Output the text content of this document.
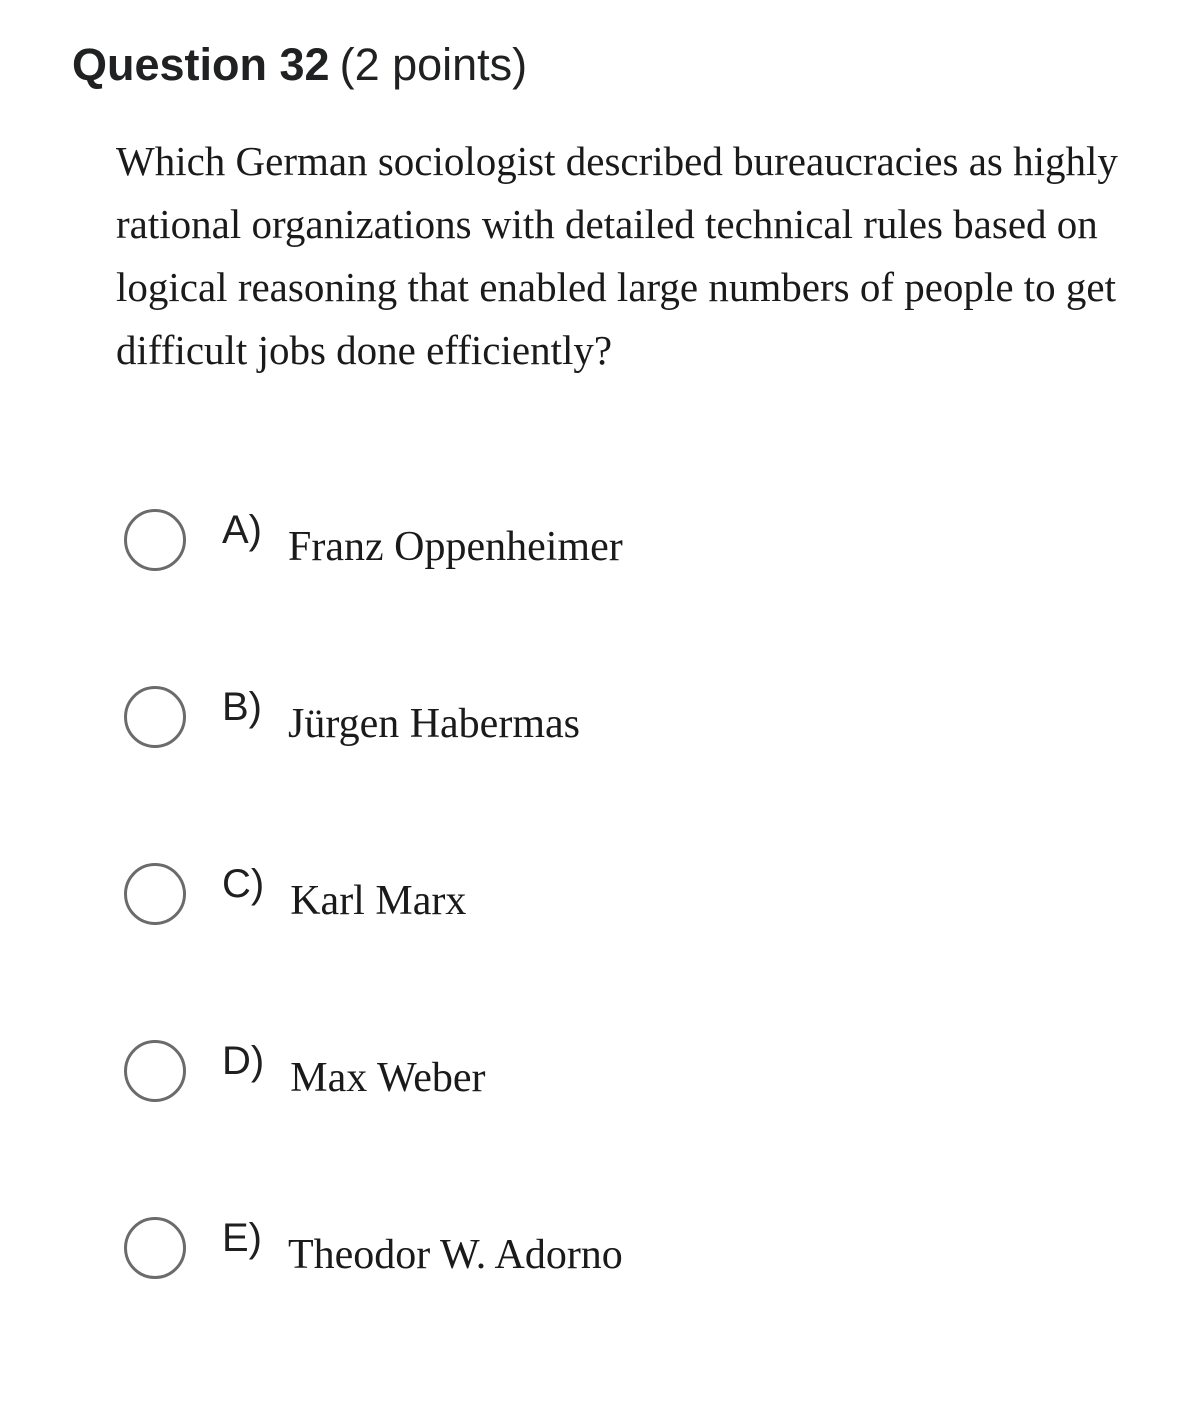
Question 32 (2 points)
Which German sociologist described bureaucracies as highly rational organizations with detailed technical rules based on logical reasoning that enabled large numbers of people to get difficult jobs done efficiently?
A) Franz Oppenheimer
B) Jürgen Habermas
C) Karl Marx
D) Max Weber
E) Theodor W. Adorno
